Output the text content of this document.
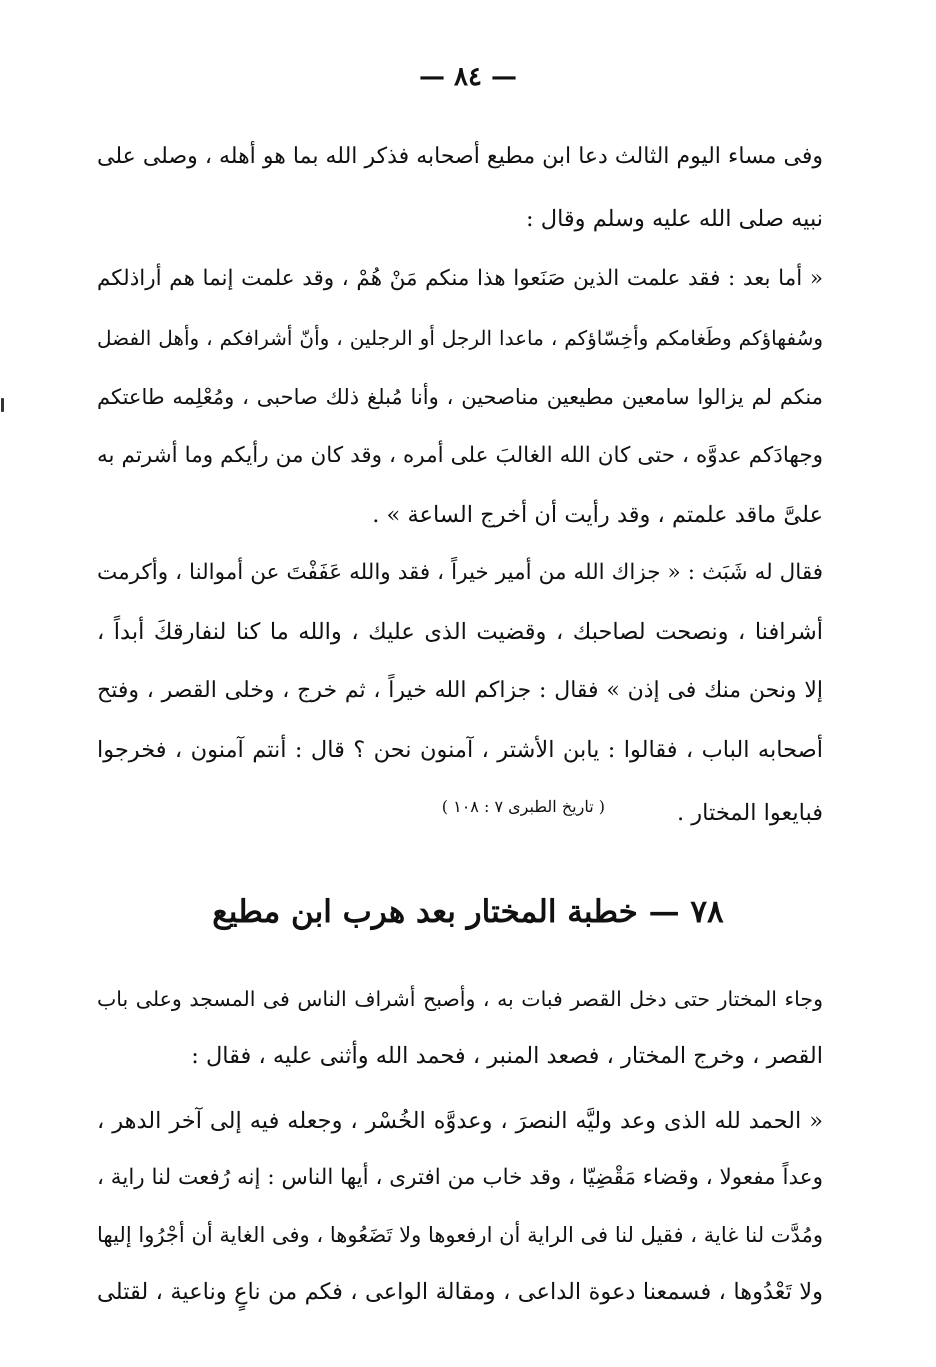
— ٨٤ —
وفى مساء اليوم الثالث دعا ابن مطيع أصحابه فذكر الله بما هو أهله ، وصلى على
نبيه صلى الله عليه وسلم وقال :
« أما بعد : فقد علمت الذين صَنَعوا هذا منكم مَنْ هُمْ ، وقد علمت إنما هم أراذلكم
وسُفهاؤكم وطَغامكم وأخِسّاؤكم ، ماعدا الرجل أو الرجلين ، وأنّ أشرافكم ، وأهل الفضل
منكم لم يزالوا سامعين مطيعين مناصحين ، وأنا مُبلغ ذلك صاحبى ، ومُعْلِمه طاعتكم
وجهادَكم عدوَّه ، حتى كان الله الغالبَ على أمره ، وقد كان من رأيكم وما أشرتم به
علىَّ ماقد علمتم ، وقد رأيت أن أخرج الساعة » .
فقال له شَبَث : « جزاك الله من أمير خيراً ، فقد والله عَفَفْتَ عن أموالنا ، وأكرمت
أشرافنا ، ونصحت لصاحبك ، وقضيت الذى عليك ، والله ما كنا لنفارقكَ أبداً ،
إلا ونحن منك فى إذن » فقال : جزاكم الله خيراً ، ثم خرج ، وخلى القصر ، وفتح
أصحابه الباب ، فقالوا : يابن الأشتر ، آمنون نحن ؟ قال : أنتم آمنون ، فخرجوا
فبايعوا المختار .
( تاريخ الطبرى ٧ : ١٠٨ )
٧٨ — خطبة المختار بعد هرب ابن مطيع
وجاء المختار حتى دخل القصر فبات به ، وأصبح أشراف الناس فى المسجد وعلى باب
القصر ، وخرج المختار ، فصعد المنبر ، فحمد الله وأثنى عليه ، فقال :
« الحمد لله الذى وعد وليَّه النصرَ ، وعدوَّه الخُسْر ، وجعله فيه إلى آخر الدهر ،
وعداً مفعولا ، وقضاء مَقْضِيّا ، وقد خاب من افترى ، أيها الناس : إنه رُفعت لنا راية ،
ومُدَّت لنا غاية ، فقيل لنا فى الراية أن ارفعوها ولا تَضَعُوها ، وفى الغاية أن أجْرُوا إليها
ولا تَعْدُوها ، فسمعنا دعوة الداعى ، ومقالة الواعى ، فكم من ناعٍ وناعية ، لقتلى
